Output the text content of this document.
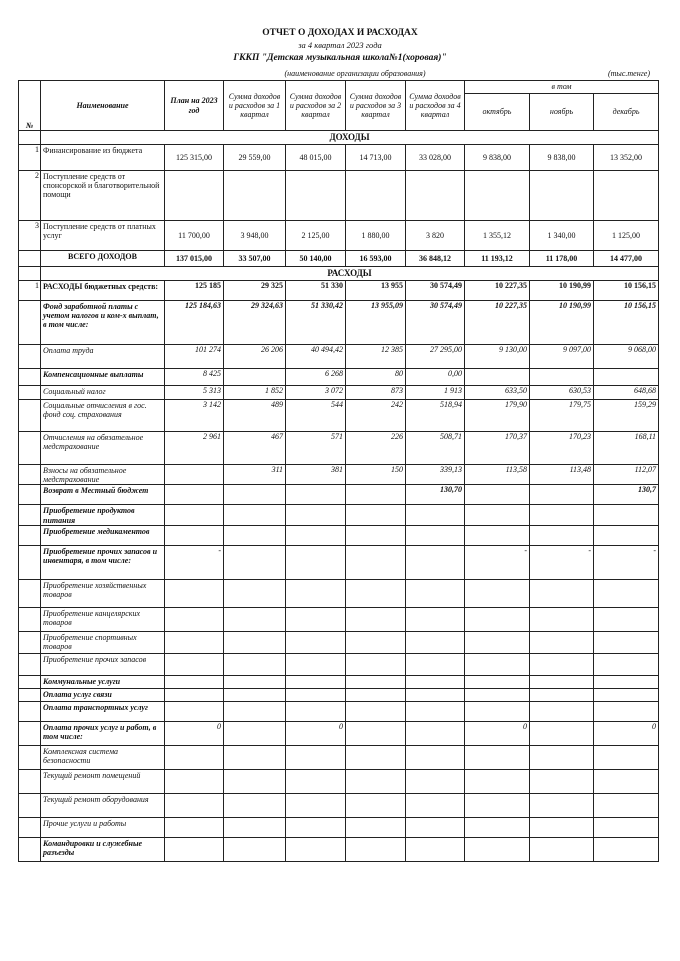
ОТЧЕТ О ДОХОДАХ И РАСХОДАХ
за 4 квартал 2023 года
ГККП "Детская музыкальная школа№1(хоровая)"
(наименование организации образования)	(тыс.тенге)
№	Наименование	План на 2023 год	Сумма доходов и расходов за 1 квартал	Сумма доходов и расходов за 2 квартал	Сумма доходов и расходов за 3 квартал	Сумма доходов и расходов за 4 квартал	в том		
							октябрь	ноябрь	декабрь
	ДОХОДЫ								
1	Финансирование из бюджета	125 315,00	29 559,00	48 015,00	14 713,00	33 028,00	9 838,00	9 838,00	13 352,00
2	Поступление средств от спонсорской и благотворительной помощи								
3	Поступление средств от платных услуг	11 700,00	3 948,00	2 125,00	1 880,00	3 820	1 355,12	1 340,00	1 125,00
	ВСЕГО ДОХОДОВ	137 015,00	33 507,00	50 140,00	16 593,00	36 848,12	11 193,12	11 178,00	14 477,00
	РАСХОДЫ								
1	РАСХОДЫ бюджетных средств:	125 185	29 325	51 330	13 955	30 574,49	10 227,35	10 190,99	10 156,15
	Фонд заработной платы с учетом налогов и ком-х выплат, в том числе:	125 184,63	29 324,63	51 330,42	13 955,09	30 574,49	10 227,35	10 190,99	10 156,15
	Оплата труда	101 274	26 206	40 494,42	12 385	27 295,00	9 130,00	9 097,00	9 068,00
	Компенсационные выплаты	8 425		6 268	80	0,00			
	Социальный налог	5 313	1 852	3 072	873	1 913	633,50	630,53	648,68
	Социальные отчисления в гос. фонд соц. страхования	3 142	489	544	242	518,94	179,90	179,75	159,29
	Отчисления на обязательное медстрахование	2 961	467	571	226	508,71	170,37	170,23	168,11
	Взносы на обязательное медстрахование		311	381	150	339,13	113,58	113,48	112,07
	Возврат в Местный бюджет					130,70			130,7
	Приобретение продуктов питания								
	Приобретение медикаментов								
	Приобретение прочих запасов и инвентаря, в том числе:	-					-	-	-
	Приобретение хозяйственных товаров								
	Приобретение канцелярских товаров								
	Приобретение спортивных товаров								
	Приобретение прочих запасов								
	Коммунальные услуги								
	Оплата услуг связи								
	Оплата транспортных услуг								
	Оплата прочих услуг и работ, в том числе:	0		0			0		0
	Комплексная система безопасности								
	Текущий ремонт помещений								
	Текущий ремонт оборудования								
	Прочие услуги и работы								
	Командировки и служебные разъезды								
